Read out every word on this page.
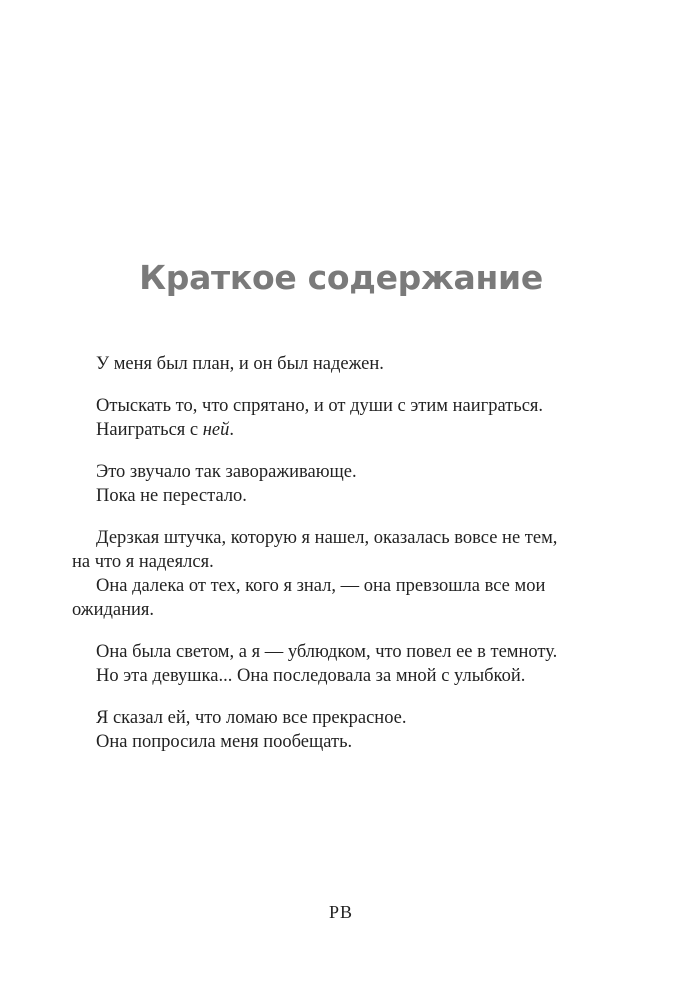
Краткое содержание

У меня был план, и он был надежен.

Отыскать то, что спрятано, и от души с этим наиграться.
Наиграться с ней.

Это звучало так завораживающе.
Пока не перестало.

Дерзкая штучка, которую я нашел, оказалась вовсе не тем,
на что я надеялся.
Она далека от тех, кого я знал, — она превзошла все мои
ожидания.

Она была светом, а я — ублюдком, что повел ее в темноту.
Но эта девушка... Она последовала за мной с улыбкой.

Я сказал ей, что ломаю все прекрасное.
Она попросила меня пообещать.

РВ
